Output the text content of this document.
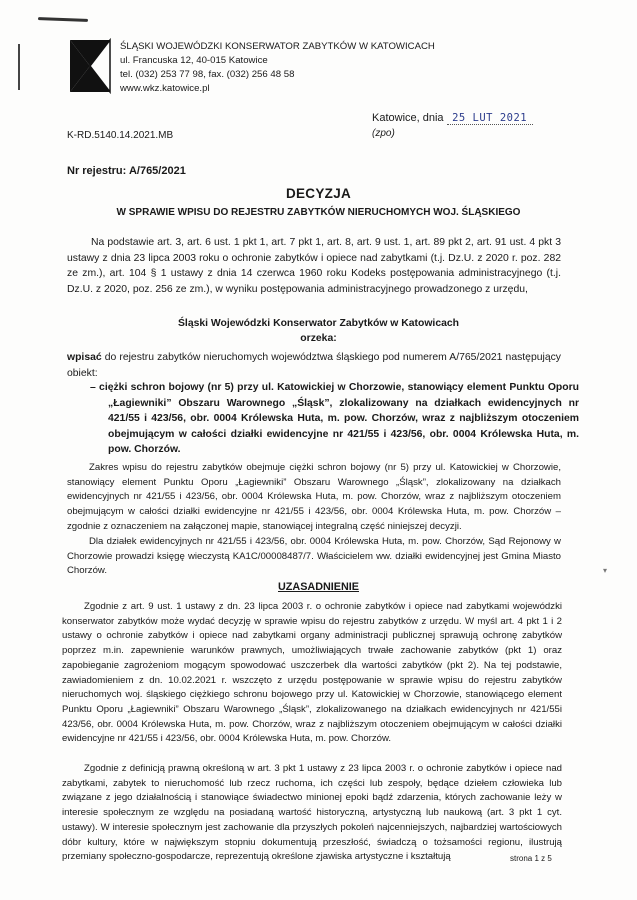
ŚLĄSKI WOJEWÓDZKI KONSERWATOR ZABYTKÓW W KATOWICACH
ul. Francuska 12, 40-015 Katowice
tel. (032) 253 77 98, fax. (032) 256 48 58
www.wkz.katowice.pl
Katowice, dnia 25 LUT 2021
(zpo)
K-RD.5140.14.2021.MB
Nr rejestru: A/765/2021
DECYZJA
W SPRAWIE WPISU DO REJESTRU ZABYTKÓW NIERUCHOMYCH WOJ. ŚLĄSKIEGO
Na podstawie art. 3, art. 6 ust. 1 pkt 1, art. 7 pkt 1, art. 8, art. 9 ust. 1, art. 89 pkt 2, art. 91 ust. 4 pkt 3 ustawy z dnia 23 lipca 2003 roku o ochronie zabytków i opiece nad zabytkami (t.j. Dz.U. z 2020 r. poz. 282 ze zm.), art. 104 § 1 ustawy z dnia 14 czerwca 1960 roku Kodeks postępowania administracyjnego (t.j. Dz.U. z 2020, poz. 256 ze zm.), w wyniku postępowania administracyjnego prowadzonego z urzędu,
Śląski Wojewódzki Konserwator Zabytków w Katowicach
orzeka:
wpisać do rejestru zabytków nieruchomych województwa śląskiego pod numerem A/765/2021 następujący obiekt:
– ciężki schron bojowy (nr 5) przy ul. Katowickiej w Chorzowie, stanowiący element Punktu Oporu „Łagiewniki” Obszaru Warownego „Śląsk”, zlokalizowany na działkach ewidencyjnych nr 421/55 i 423/56, obr. 0004 Królewska Huta, m. pow. Chorzów, wraz z najbliższym otoczeniem obejmującym w całości działki ewidencyjne nr 421/55 i 423/56, obr. 0004 Królewska Huta, m. pow. Chorzów.
Zakres wpisu do rejestru zabytków obejmuje ciężki schron bojowy (nr 5) przy ul. Katowickiej w Chorzowie, stanowiący element Punktu Oporu „Łagiewniki” Obszaru Warownego „Śląsk”, zlokalizowany na działkach ewidencyjnych nr 421/55 i 423/56, obr. 0004 Królewska Huta, m. pow. Chorzów, wraz z najbliższym otoczeniem obejmującym w całości działki ewidencyjne nr 421/55 i 423/56, obr. 0004 Królewska Huta, m. pow. Chorzów – zgodnie z oznaczeniem na załączonej mapie, stanowiącej integralną część niniejszej decyzji.
Dla działek ewidencyjnych nr 421/55 i 423/56, obr. 0004 Królewska Huta, m. pow. Chorzów, Sąd Rejonowy w Chorzowie prowadzi księgę wieczystą KA1C/00008487/7. Właścicielem ww. działki ewidencyjnej jest Gmina Miasto Chorzów.	▾
UZASADNIENIE
Zgodnie z art. 9 ust. 1 ustawy z dn. 23 lipca 2003 r. o ochronie zabytków i opiece nad zabytkami wojewódzki konserwator zabytków może wydać decyzję w sprawie wpisu do rejestru zabytków z urzędu. W myśl art. 4 pkt 1 i 2 ustawy o ochronie zabytków i opiece nad zabytkami organy administracji publicznej sprawują ochronę zabytków poprzez m.in. zapewnienie warunków prawnych, umożliwiających trwałe zachowanie zabytków (pkt 1) oraz zapobieganie zagrożeniom mogącym spowodować uszczerbek dla wartości zabytków (pkt 2). Na tej podstawie, zawiadomieniem z dn. 10.02.2021 r. wszczęto z urzędu postępowanie w sprawie wpisu do rejestru zabytków nieruchomych woj. śląskiego ciężkiego schronu bojowego przy ul. Katowickiej w Chorzowie, stanowiącego element Punktu Oporu „Łagiewniki” Obszaru Warownego „Śląsk”, zlokalizowanego na działkach ewidencyjnych nr 421/55i 423/56, obr. 0004 Królewska Huta, m. pow. Chorzów, wraz z najbliższym otoczeniem obejmującym w całości działki ewidencyjne nr 421/55 i 423/56, obr. 0004 Królewska Huta, m. pow. Chorzów.
Zgodnie z definicją prawną określoną w art. 3 pkt 1 ustawy z 23 lipca 2003 r. o ochronie zabytków i opiece nad zabytkami, zabytek to nieruchomość lub rzecz ruchoma, ich części lub zespoły, będące dziełem człowieka lub związane z jego działalnością i stanowiące świadectwo minionej epoki bądź zdarzenia, których zachowanie leży w interesie społecznym ze względu na posiadaną wartość historyczną, artystyczną lub naukową (art. 3 pkt 1 cyt. ustawy). W interesie społecznym jest zachowanie dla przyszłych pokoleń najcenniejszych, najbardziej wartościowych dóbr kultury, które w największym stopniu dokumentują przeszłość, świadczą o tożsamości regionu, ilustrują przemiany społeczno-gospodarcze, reprezentują określone zjawiska artystyczne i kształtują	strona 1 z 5
